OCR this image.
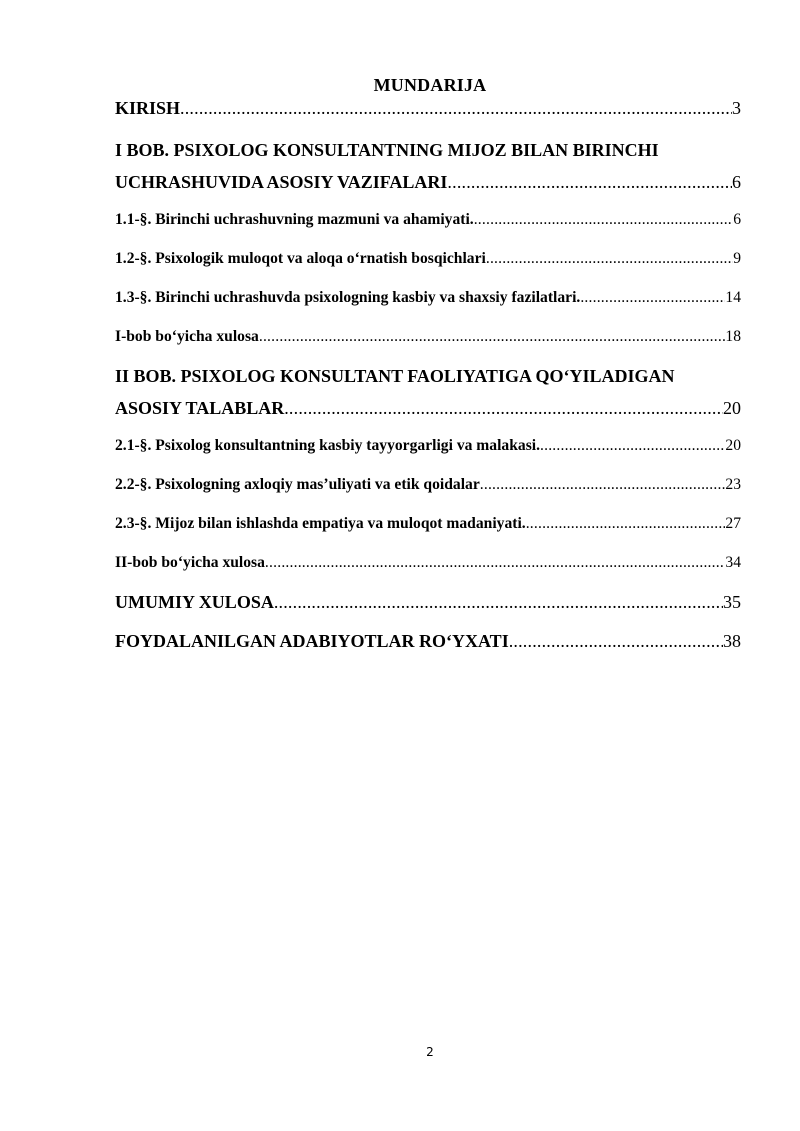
MUNDARIJA
KIRISH .....	3
I BOB. PSIXOLOG KONSULTANTNING MIJOZ BILAN BIRINCHI
UCHRASHUVIDA ASOSIY VAZIFALARI .....	6
1.1-§. Birinchi uchrashuvning mazmuni va ahamiyati. .....	6
1.2-§. Psixologik muloqot va aloqa o‘rnatish bosqichlari .....	9
1.3-§. Birinchi uchrashuvda psixologning kasbiy va shaxsiy fazilatlari. .....	14
I-bob bo‘yicha xulosa .....	18
II BOB. PSIXOLOG KONSULTANT FAOLIYATIGA QO‘YILADIGAN
ASOSIY TALABLAR .....	20
2.1-§. Psixolog konsultantning kasbiy tayyorgarligi va malakasi. .....	20
2.2-§. Psixologning axloqiy mas’uliyati va etik qoidalar .....	23
2.3-§. Mijoz bilan ishlashda empatiya va muloqot madaniyati. .....	27
II-bob bo‘yicha xulosa .....	34
UMUMIY XULOSA .....	35
FOYDALANILGAN ADABIYOTLAR RO‘YXATI .....	38
2
